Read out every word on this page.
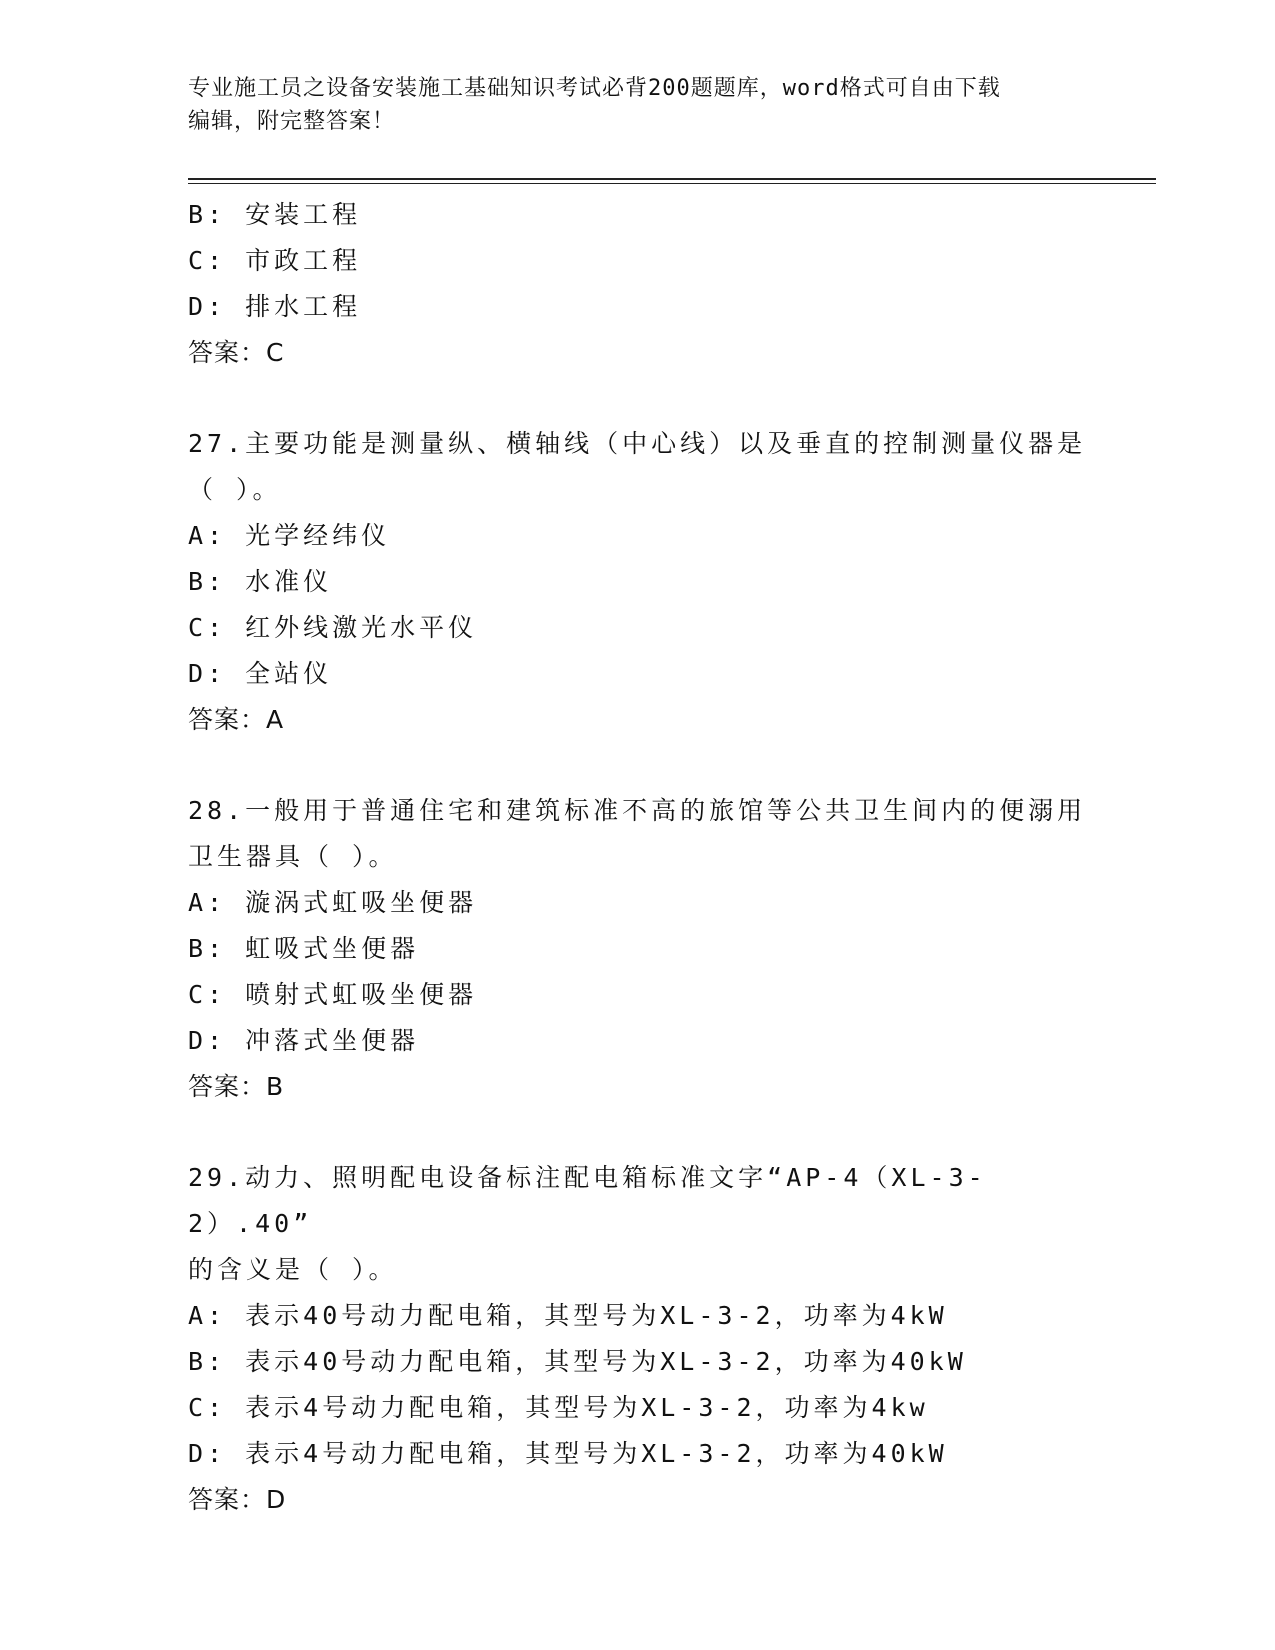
专业施工员之设备安装施工基础知识考试必背200题题库，word格式可自由下载
编辑，附完整答案！
B: 安装工程
C: 市政工程
D: 排水工程
答案：C
27.主要功能是测量纵、横轴线（中心线）以及垂直的控制测量仪器是
（ ）。
A: 光学经纬仪
B: 水准仪
C: 红外线激光水平仪
D: 全站仪
答案：A
28.一般用于普通住宅和建筑标准不高的旅馆等公共卫生间内的便溺用
卫生器具（ ）。
A: 漩涡式虹吸坐便器
B: 虹吸式坐便器
C: 喷射式虹吸坐便器
D: 冲落式坐便器
答案：B
29.动力、照明配电设备标注配电箱标准文字“AP-4（XL-3-2）.40”
的含义是（ ）。
A: 表示40号动力配电箱，其型号为XL-3-2，功率为4kW
B: 表示40号动力配电箱，其型号为XL-3-2，功率为40kW
C: 表示4号动力配电箱，其型号为XL-3-2，功率为4kw
D: 表示4号动力配电箱，其型号为XL-3-2，功率为40kW
答案：D
